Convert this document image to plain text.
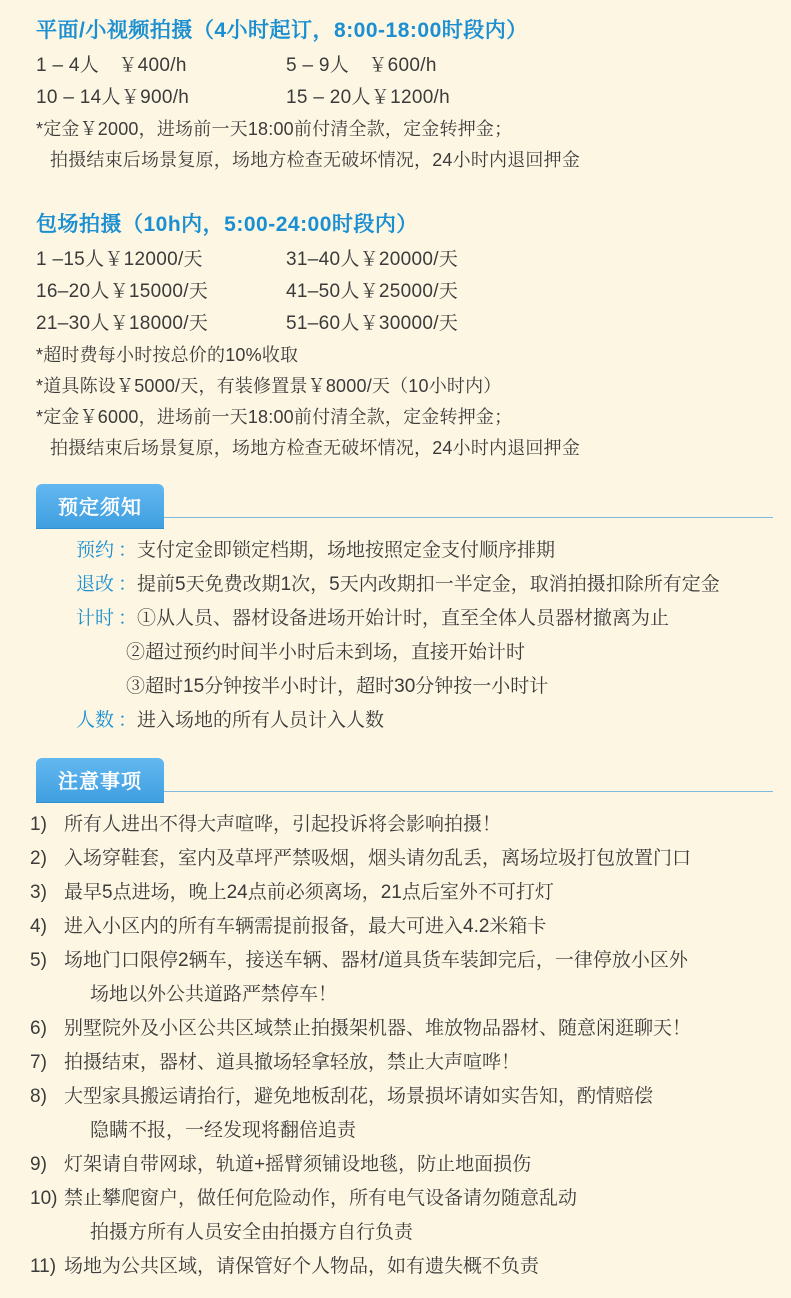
平面/小视频拍摄（4小时起订，8:00-18:00时段内）
1 – 4人　￥400/h	5 – 9人　￥600/h
10 – 14人￥900/h	15 – 20人￥1200/h
*定金￥2000，进场前一天18:00前付清全款，定金转押金；
拍摄结束后场景复原，场地方检查无破坏情况，24小时内退回押金
包场拍摄（10h内，5:00-24:00时段内）
1 –15人￥12000/天	31–40人￥20000/天
16–20人￥15000/天	41–50人￥25000/天
21–30人￥18000/天	51–60人￥30000/天
*超时费每小时按总价的10%收取
*道具陈设￥5000/天，有装修置景￥8000/天（10小时内）
*定金￥6000，进场前一天18:00前付清全款，定金转押金；
拍摄结束后场景复原，场地方检查无破坏情况，24小时内退回押金
预定须知
预约 ： 支付定金即锁定档期，场地按照定金支付顺序排期
退改 ： 提前5天免费改期1次，5天内改期扣一半定金，取消拍摄扣除所有定金
计时 ： ①从人员、器材设备进场开始计时，直至全体人员器材撤离为止
②超过预约时间半小时后未到场，直接开始计时
③超时15分钟按半小时计，超时30分钟按一小时计
人数 ： 进入场地的所有人员计入人数
注意事项
1) 所有人进出不得大声喧哗，引起投诉将会影响拍摄！
2) 入场穿鞋套，室内及草坪严禁吸烟，烟头请勿乱丢，离场垃圾打包放置门口
3) 最早5点进场，晚上24点前必须离场，21点后室外不可打灯
4) 进入小区内的所有车辆需提前报备，最大可进入4.2米箱卡
5) 场地门口限停2辆车，接送车辆、器材/道具货车装卸完后，一律停放小区外
场地以外公共道路严禁停车！
6) 别墅院外及小区公共区域禁止拍摄架机器、堆放物品器材、随意闲逛聊天！
7) 拍摄结束，器材、道具撤场轻拿轻放，禁止大声喧哗！
8) 大型家具搬运请抬行，避免地板刮花，场景损坏请如实告知，酌情赔偿
隐瞒不报，一经发现将翻倍追责
9) 灯架请自带网球，轨道+摇臂须铺设地毯，防止地面损伤
10) 禁止攀爬窗户，做任何危险动作，所有电气设备请勿随意乱动
拍摄方所有人员安全由拍摄方自行负责
11) 场地为公共区域，请保管好个人物品，如有遗失概不负责
